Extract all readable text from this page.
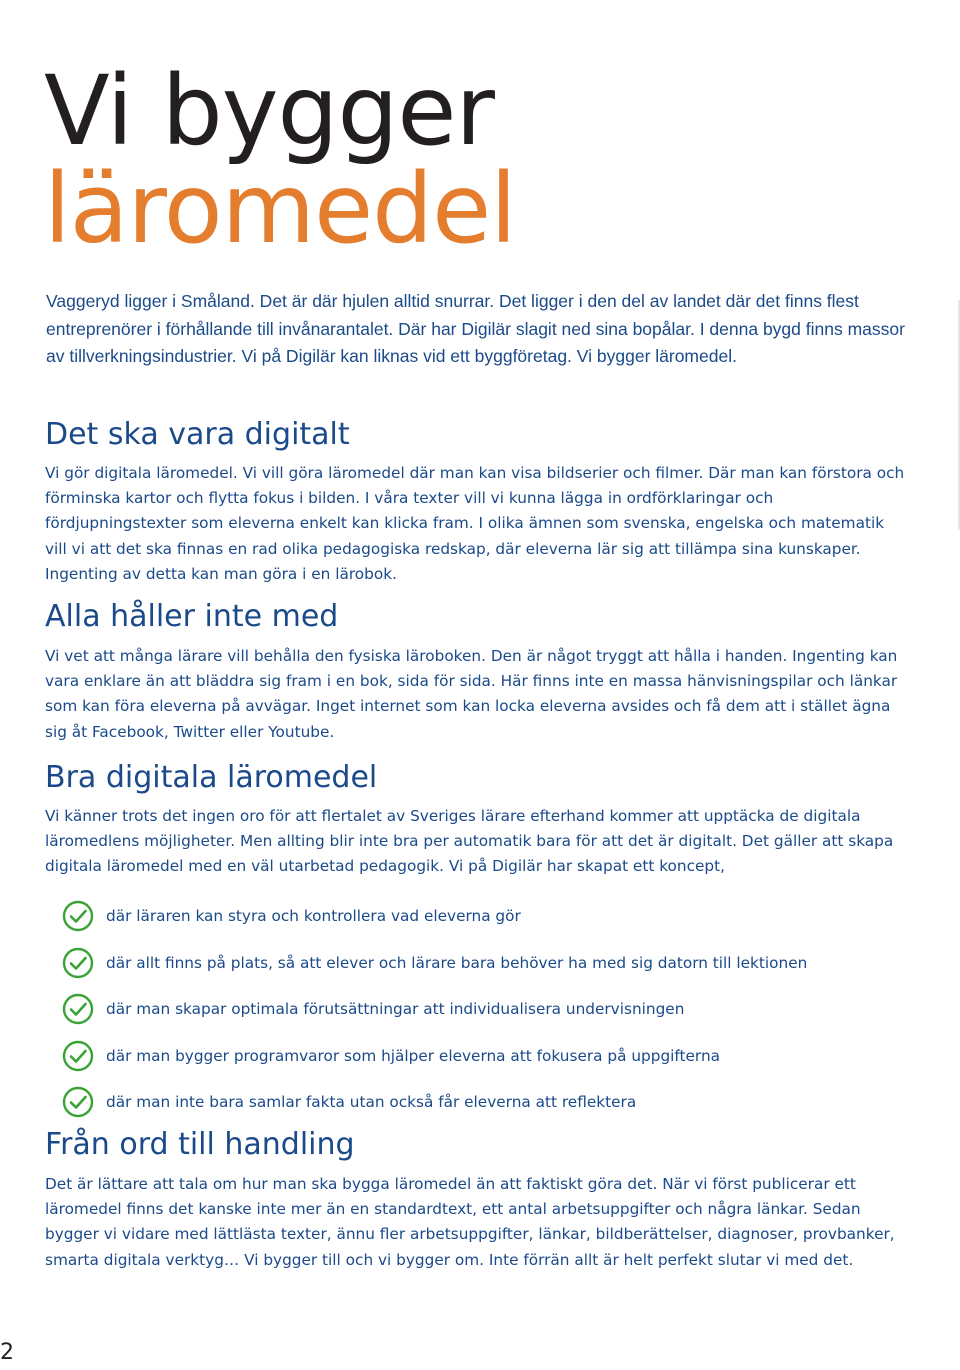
Vi bygger
läromedel

Vaggeryd ligger i Småland. Det är där hjulen alltid snurrar. Det ligger i den del av landet där det finns flest entreprenörer i förhållande till invånarantalet. Där har Digilär slagit ned sina bopålar. I denna bygd finns massor av tillverkningsindustrier. Vi på Digilär kan liknas vid ett byggföretag. Vi bygger läromedel.

Det ska vara digitalt

Vi gör digitala läromedel. Vi vill göra läromedel där man kan visa bildserier och filmer. Där man kan förstora och förminska kartor och flytta fokus i bilden. I våra texter vill vi kunna lägga in ordförklaringar och fördjupningstexter som eleverna enkelt kan klicka fram. I olika ämnen som svenska, engelska och matematik vill vi att det ska finnas en rad olika pedagogiska redskap, där eleverna lär sig att tillämpa sina kunskaper. Ingenting av detta kan man göra i en lärobok.

Alla håller inte med

Vi vet att många lärare vill behålla den fysiska läroboken. Den är något tryggt att hålla i handen. Ingenting kan vara enklare än att bläddra sig fram i en bok, sida för sida. Här finns inte en massa hänvisningspilar och länkar som kan föra eleverna på avvägar. Inget internet som kan locka eleverna avsides och få dem att i stället ägna sig åt Facebook, Twitter eller Youtube.

Bra digitala läromedel

Vi känner trots det ingen oro för att flertalet av Sveriges lärare efterhand kommer att upptäcka de digitala läromedlens möjligheter. Men allting blir inte bra per automatik bara för att det är digitalt. Det gäller att skapa digitala läromedel med en väl utarbetad pedagogik. Vi på Digilär har skapat ett koncept,

där läraren kan styra och kontrollera vad eleverna gör
där allt finns på plats, så att elever och lärare bara behöver ha med sig datorn till lektionen
där man skapar optimala förutsättningar att individualisera undervisningen
där man bygger programvaror som hjälper eleverna att fokusera på uppgifterna
där man inte bara samlar fakta utan också får eleverna att reflektera
Från ord till handling

Det är lättare att tala om hur man ska bygga läromedel än att faktiskt göra det. När vi först publicerar ett läromedel finns det kanske inte mer än en standardtext, ett antal arbetsuppgifter och några länkar. Sedan bygger vi vidare med lättlästa texter, ännu fler arbetsuppgifter, länkar, bildberättelser, diagnoser, provbanker, smarta digitala verktyg… Vi bygger till och vi bygger om. Inte förrän allt är helt perfekt slutar vi med det.

2
